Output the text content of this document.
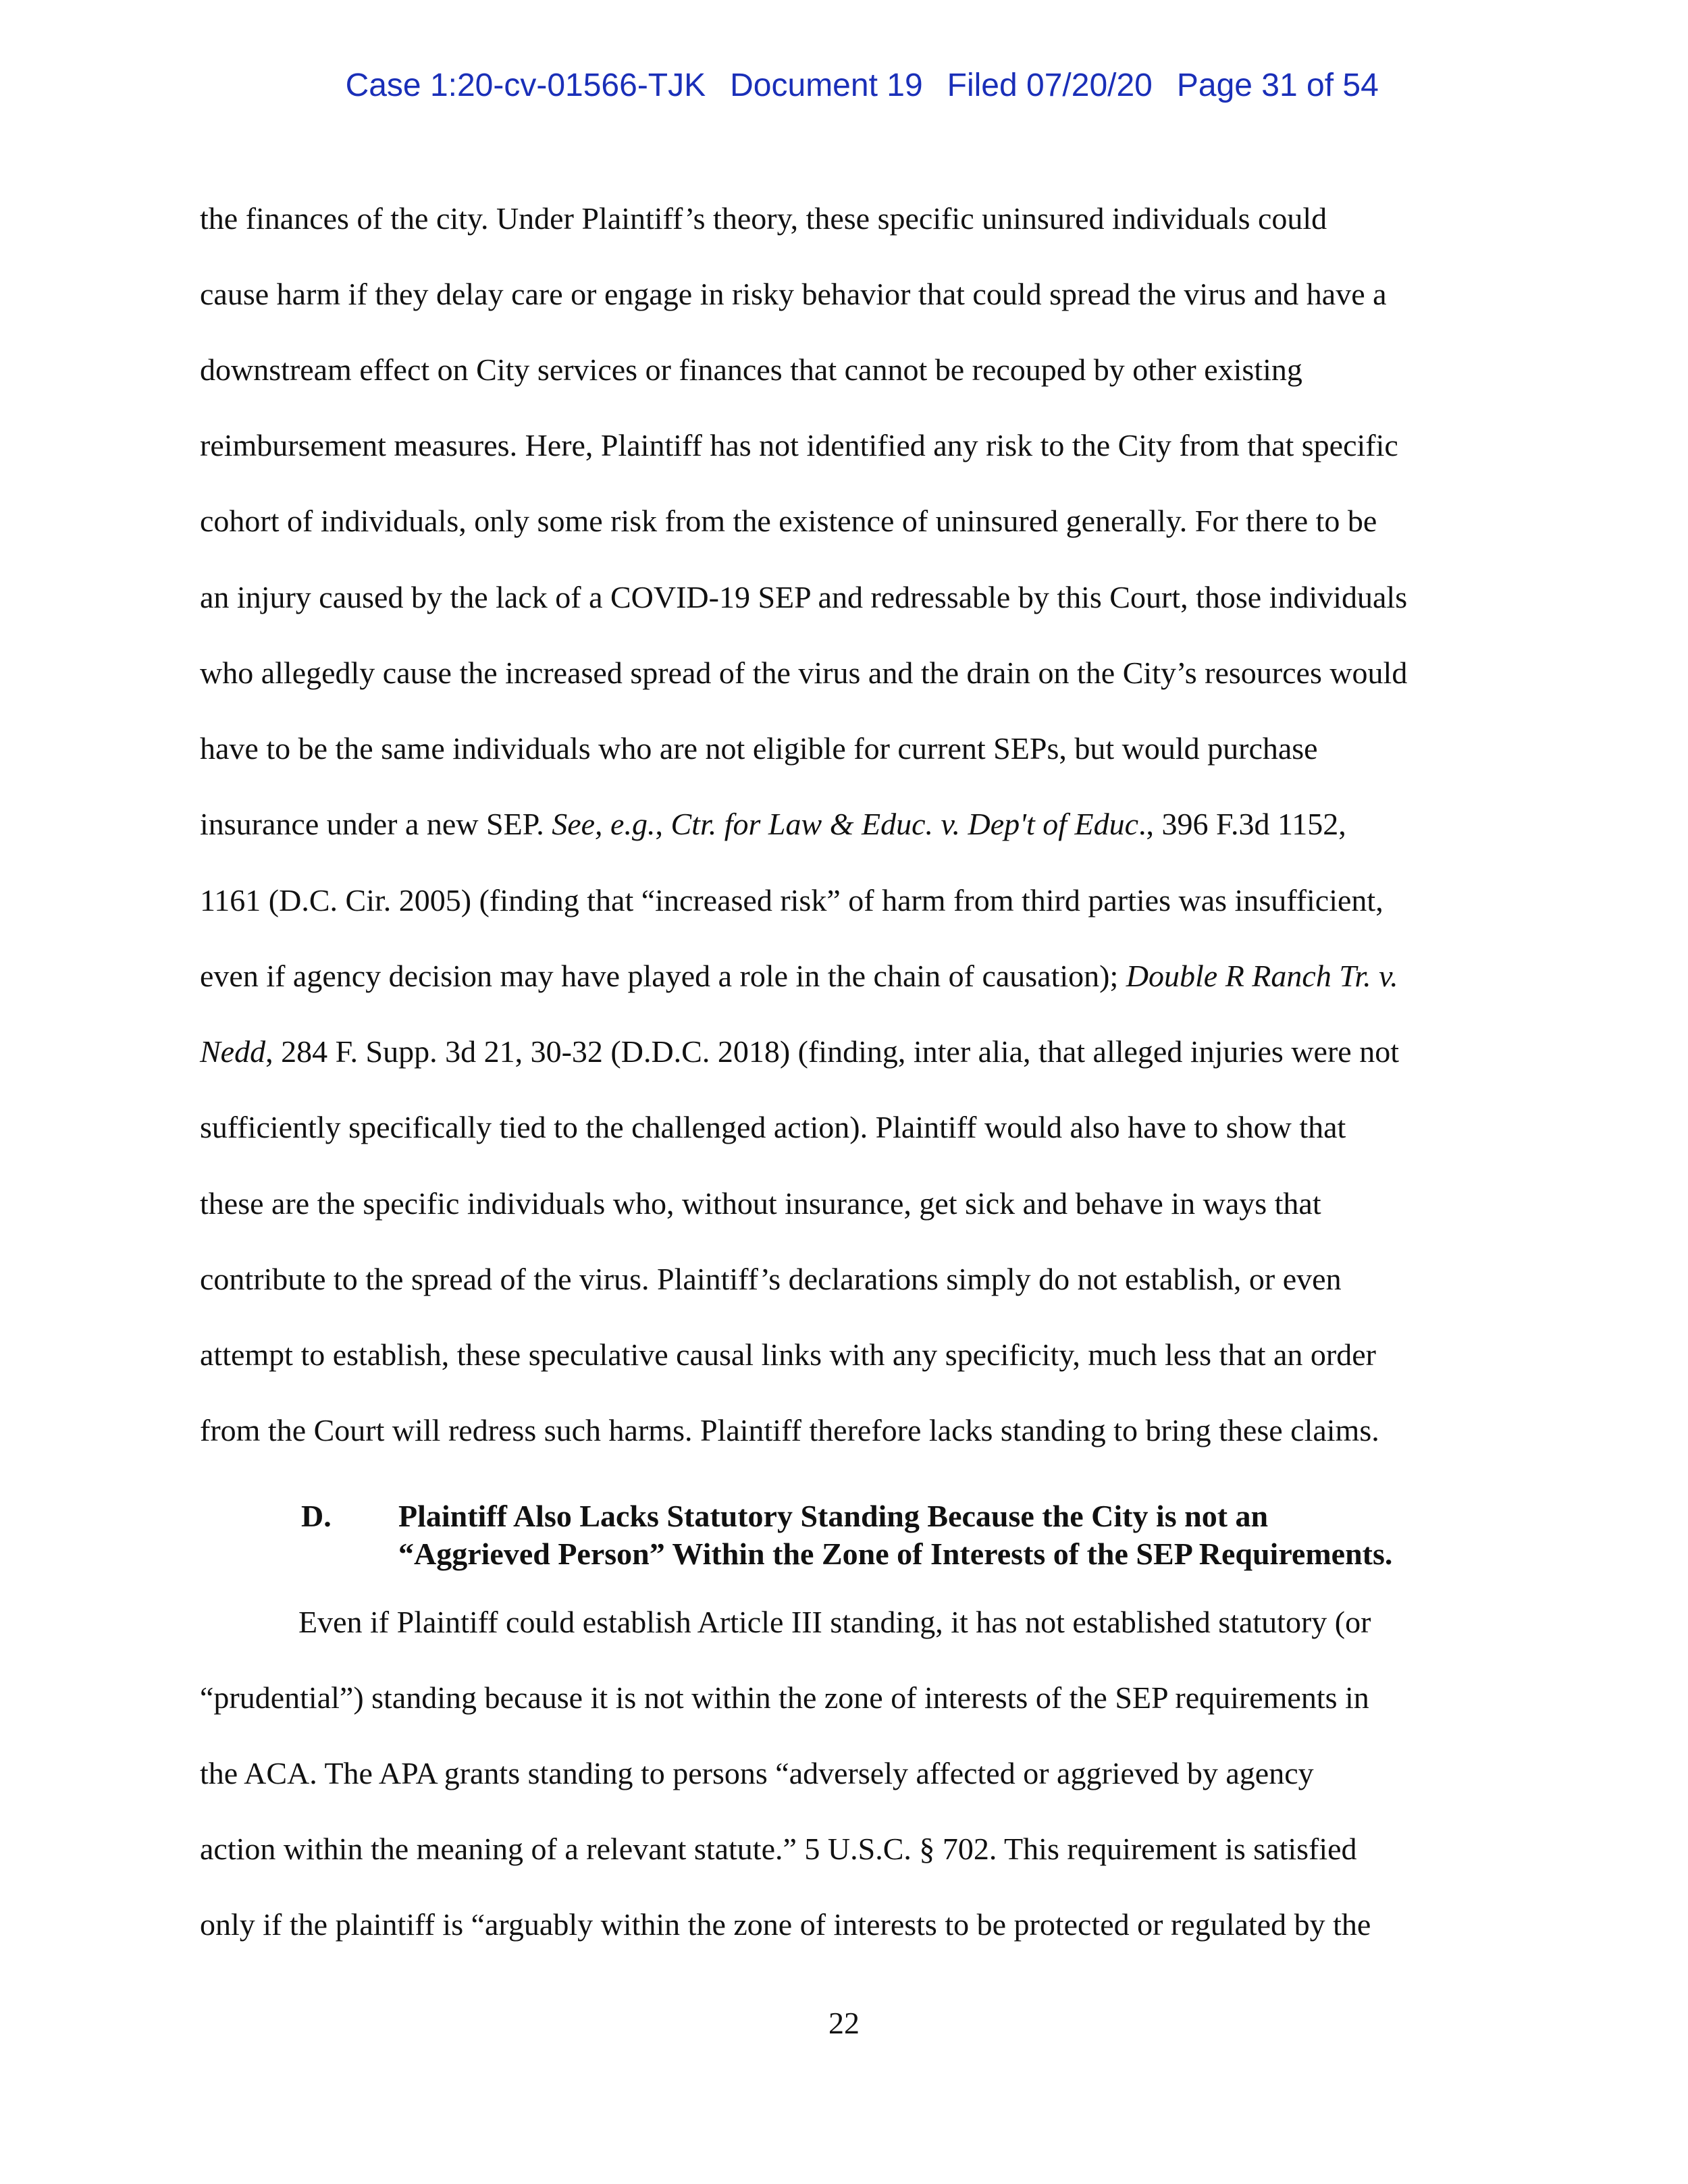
Case 1:20-cv-01566-TJK Document 19 Filed 07/20/20 Page 31 of 54

the finances of the city. Under Plaintiff’s theory, these specific uninsured individuals could
cause harm if they delay care or engage in risky behavior that could spread the virus and have a
downstream effect on City services or finances that cannot be recouped by other existing
reimbursement measures. Here, Plaintiff has not identified any risk to the City from that specific
cohort of individuals, only some risk from the existence of uninsured generally. For there to be
an injury caused by the lack of a COVID-19 SEP and redressable by this Court, those individuals
who allegedly cause the increased spread of the virus and the drain on the City’s resources would
have to be the same individuals who are not eligible for current SEPs, but would purchase
insurance under a new SEP. See, e.g., Ctr. for Law & Educ. v. Dep't of Educ., 396 F.3d 1152,
1161 (D.C. Cir. 2005) (finding that “increased risk” of harm from third parties was insufficient,
even if agency decision may have played a role in the chain of causation); Double R Ranch Tr. v.
Nedd, 284 F. Supp. 3d 21, 30-32 (D.D.C. 2018) (finding, inter alia, that alleged injuries were not
sufficiently specifically tied to the challenged action). Plaintiff would also have to show that
these are the specific individuals who, without insurance, get sick and behave in ways that
contribute to the spread of the virus. Plaintiff’s declarations simply do not establish, or even
attempt to establish, these speculative causal links with any specificity, much less that an order
from the Court will redress such harms. Plaintiff therefore lacks standing to bring these claims.
D. Plaintiff Also Lacks Statutory Standing Because the City is not an
“Aggrieved Person” Within the Zone of Interests of the SEP Requirements.
Even if Plaintiff could establish Article III standing, it has not established statutory (or
“prudential”) standing because it is not within the zone of interests of the SEP requirements in
the ACA. The APA grants standing to persons “adversely affected or aggrieved by agency
action within the meaning of a relevant statute.” 5 U.S.C. § 702. This requirement is satisfied
only if the plaintiff is “arguably within the zone of interests to be protected or regulated by the
22
